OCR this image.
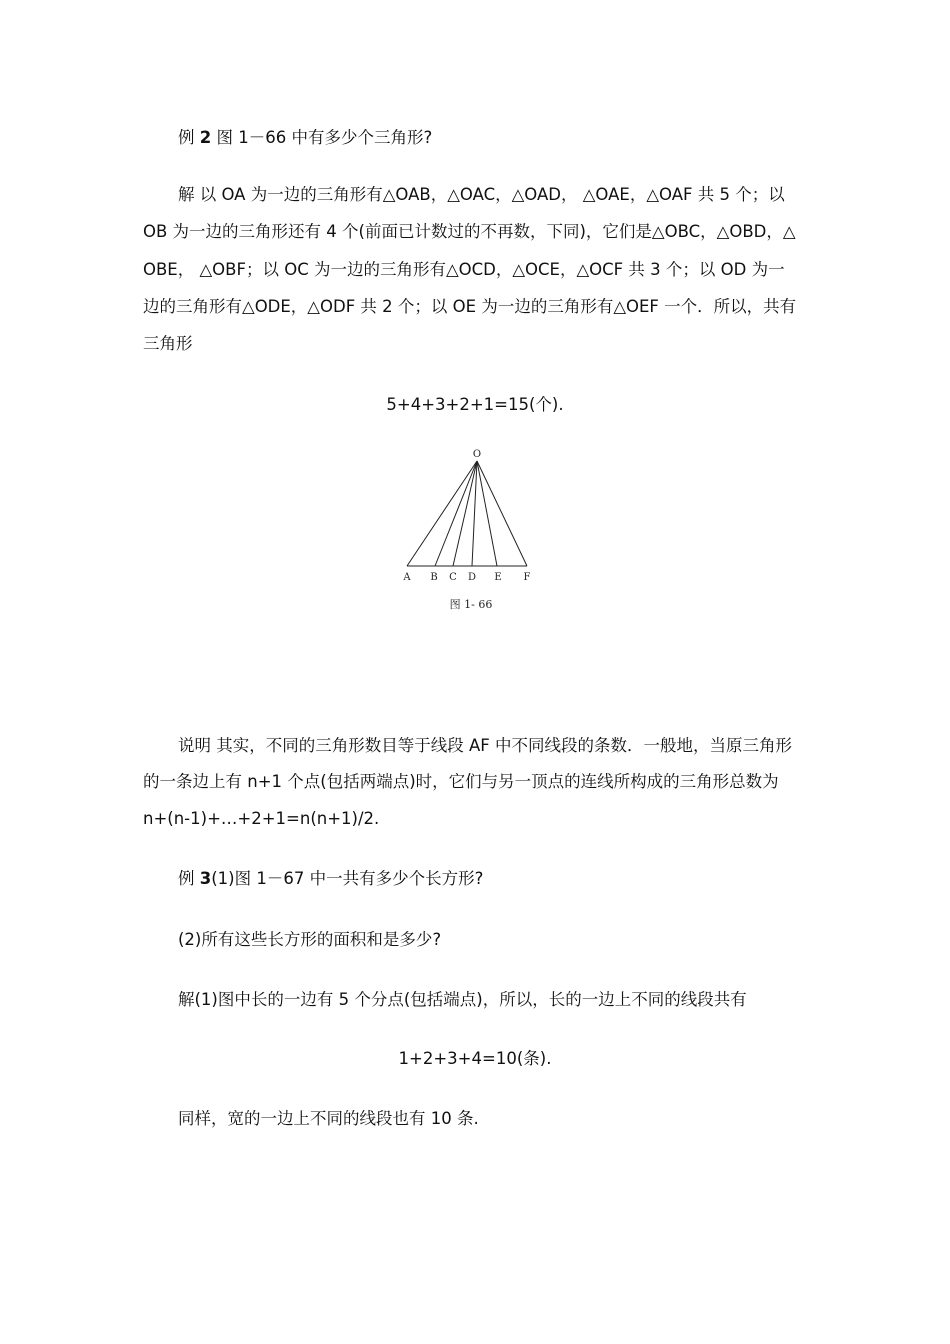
例 2 图 1－66 中有多少个三角形?
解 以 OA 为一边的三角形有△OAB，△OAC，△OAD， △OAE，△OAF 共 5 个；以
OB 为一边的三角形还有 4 个(前面已计数过的不再数，下同)，它们是△OBC，△OBD，△
OBE， △OBF；以 OC 为一边的三角形有△OCD，△OCE，△OCF 共 3 个；以 OD 为一
边的三角形有△ODE，△ODF 共 2 个；以 OE 为一边的三角形有△OEF 一个．所以，共有
三角形
5+4+3+2+1=15(个).
O
A B C D E F
图 1- 66
说明 其实，不同的三角形数目等于线段 AF 中不同线段的条数．一般地，当原三角形
的一条边上有 n+1 个点(包括两端点)时，它们与另一顶点的连线所构成的三角形总数为
n+(n-1)+…+2+1=n(n+1)/2.
例 3(1)图 1－67 中一共有多少个长方形?
(2)所有这些长方形的面积和是多少?
解(1)图中长的一边有 5 个分点(包括端点)，所以，长的一边上不同的线段共有
1+2+3+4=10(条).
同样，宽的一边上不同的线段也有 10 条.
